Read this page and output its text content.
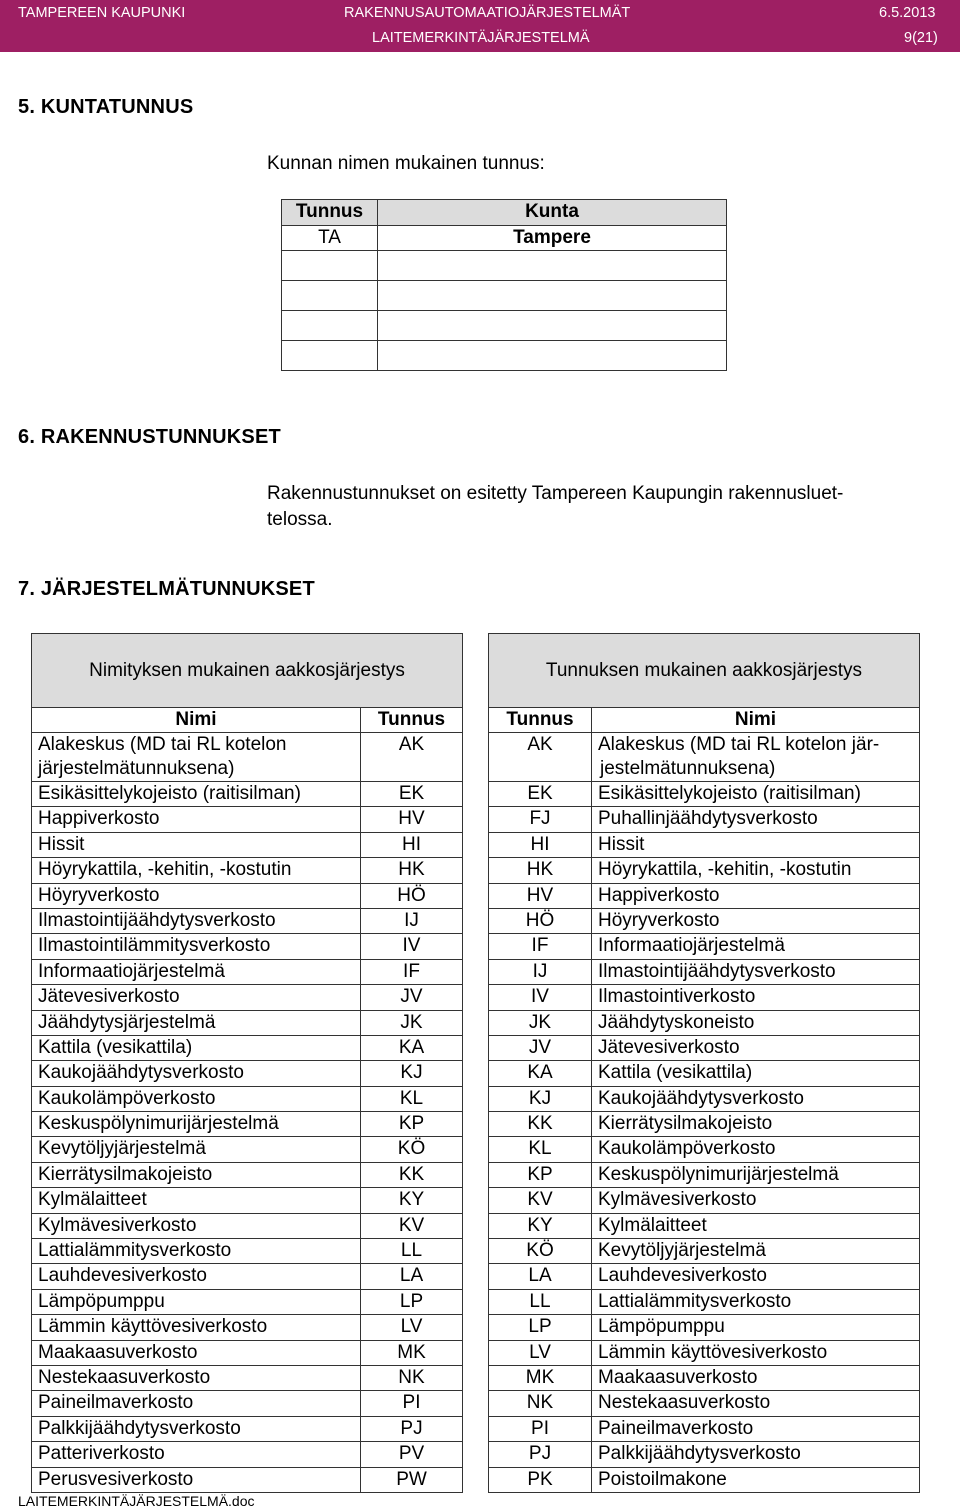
TAMPEREEN KAUPUNKI	RAKENNUSAUTOMAATIOJÄRJESTELMÄT	6.5.2013
LAITEMERKINTÄJÄRJESTELMÄ	9(21)
5. KUNTATUNNUS
Kunnan nimen mukainen tunnus:
Tunnus	Kunta
TA	Tampere

6. RAKENNUSTUNNUKSET
Rakennustunnukset on esitetty Tampereen Kaupungin rakennusluet-
telossa.
7. JÄRJESTELMÄTUNNUKSET
Nimityksen mukainen aakkosjärjestys			Tunnuksen mukainen aakkosjärjestys	
Nimi	Tunnus		Tunnus	Nimi
Alakeskus (MD tai RL kotelon
järjestelmätunnuksena)	AK		AK	Alakeskus (MD tai RL kotelon jär-
jestelmätunnuksena)
Esikäsittelykojeisto (raitisilman)	EK		EK	Esikäsittelykojeisto (raitisilman)
Happiverkosto	HV		FJ	Puhallinjäähdytysverkosto
Hissit	HI		HI	Hissit
Höyrykattila, -kehitin, -kostutin	HK		HK	Höyrykattila, -kehitin, -kostutin
Höyryverkosto	HÖ		HV	Happiverkosto
Ilmastointijäähdytysverkosto	IJ		HÖ	Höyryverkosto
Ilmastointilämmitysverkosto	IV		IF	Informaatiojärjestelmä
Informaatiojärjestelmä	IF		IJ	Ilmastointijäähdytysverkosto
Jätevesiverkosto	JV		IV	Ilmastointiverkosto
Jäähdytysjärjestelmä	JK		JK	Jäähdytyskoneisto
Kattila (vesikattila)	KA		JV	Jätevesiverkosto
Kaukojäähdytysverkosto	KJ		KA	Kattila (vesikattila)
Kaukolämpöverkosto	KL		KJ	Kaukojäähdytysverkosto
Keskuspölynimurijärjestelmä	KP		KK	Kierrätysilmakojeisto
Kevytöljyjärjestelmä	KÖ		KL	Kaukolämpöverkosto
Kierrätysilmakojeisto	KK		KP	Keskuspölynimurijärjestelmä
Kylmälaitteet	KY		KV	Kylmävesiverkosto
Kylmävesiverkosto	KV		KY	Kylmälaitteet
Lattialämmitysverkosto	LL		KÖ	Kevytöljyjärjestelmä
Lauhdevesiverkosto	LA		LA	Lauhdevesiverkosto
Lämpöpumppu	LP		LL	Lattialämmitysverkosto
Lämmin käyttövesiverkosto	LV		LP	Lämpöpumppu
Maakaasuverkosto	MK		LV	Lämmin käyttövesiverkosto
Nestekaasuverkosto	NK		MK	Maakaasuverkosto
Paineilmaverkosto	PI		NK	Nestekaasuverkosto
Palkkijäähdytysverkosto	PJ		PI	Paineilmaverkosto
Patteriverkosto	PV		PJ	Palkkijäähdytysverkosto
Perusvesiverkosto	PW		PK	Poistoilmakone
LAITEMERKINTÄJÄRJESTELMÄ.doc
